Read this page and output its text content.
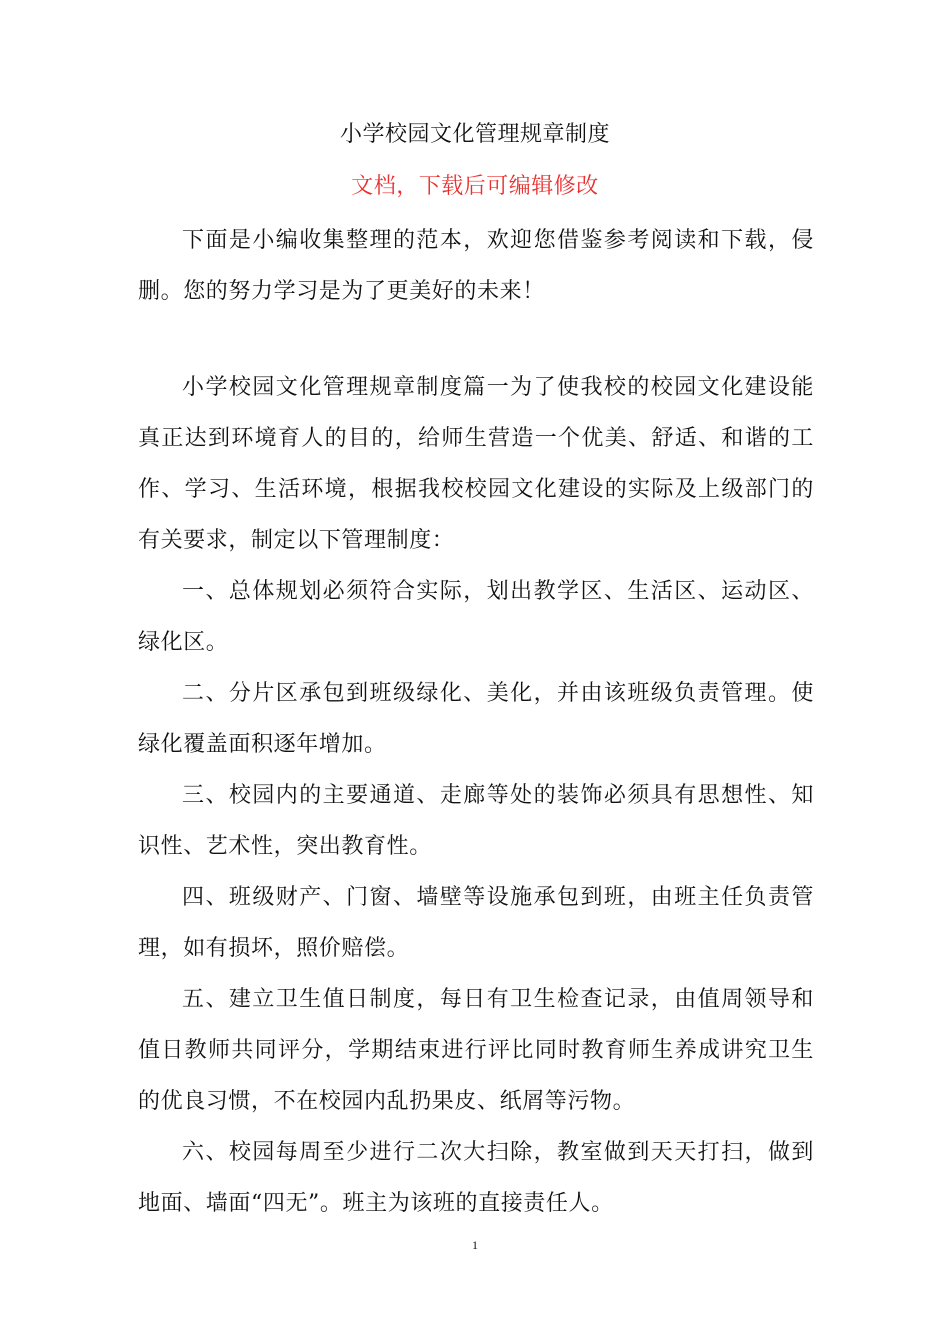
小学校园文化管理规章制度
文档，下载后可编辑修改

下面是小编收集整理的范本，欢迎您借鉴参考阅读和下载，侵删。您的努力学习是为了更美好的未来！

小学校园文化管理规章制度篇一为了使我校的校园文化建设能真正达到环境育人的目的，给师生营造一个优美、舒适、和谐的工作、学习、生活环境，根据我校校园文化建设的实际及上级部门的有关要求，制定以下管理制度：

一、总体规划必须符合实际，划出教学区、生活区、运动区、绿化区。

二、分片区承包到班级绿化、美化，并由该班级负责管理。使绿化覆盖面积逐年增加。

三、校园内的主要通道、走廊等处的装饰必须具有思想性、知识性、艺术性，突出教育性。

四、班级财产、门窗、墙壁等设施承包到班，由班主任负责管理，如有损坏，照价赔偿。

五、建立卫生值日制度，每日有卫生检查记录，由值周领导和值日教师共同评分，学期结束进行评比同时教育师生养成讲究卫生的优良习惯，不在校园内乱扔果皮、纸屑等污物。

六、校园每周至少进行二次大扫除，教室做到天天打扫，做到地面、墙面“四无”。班主为该班的直接责任人。

1
